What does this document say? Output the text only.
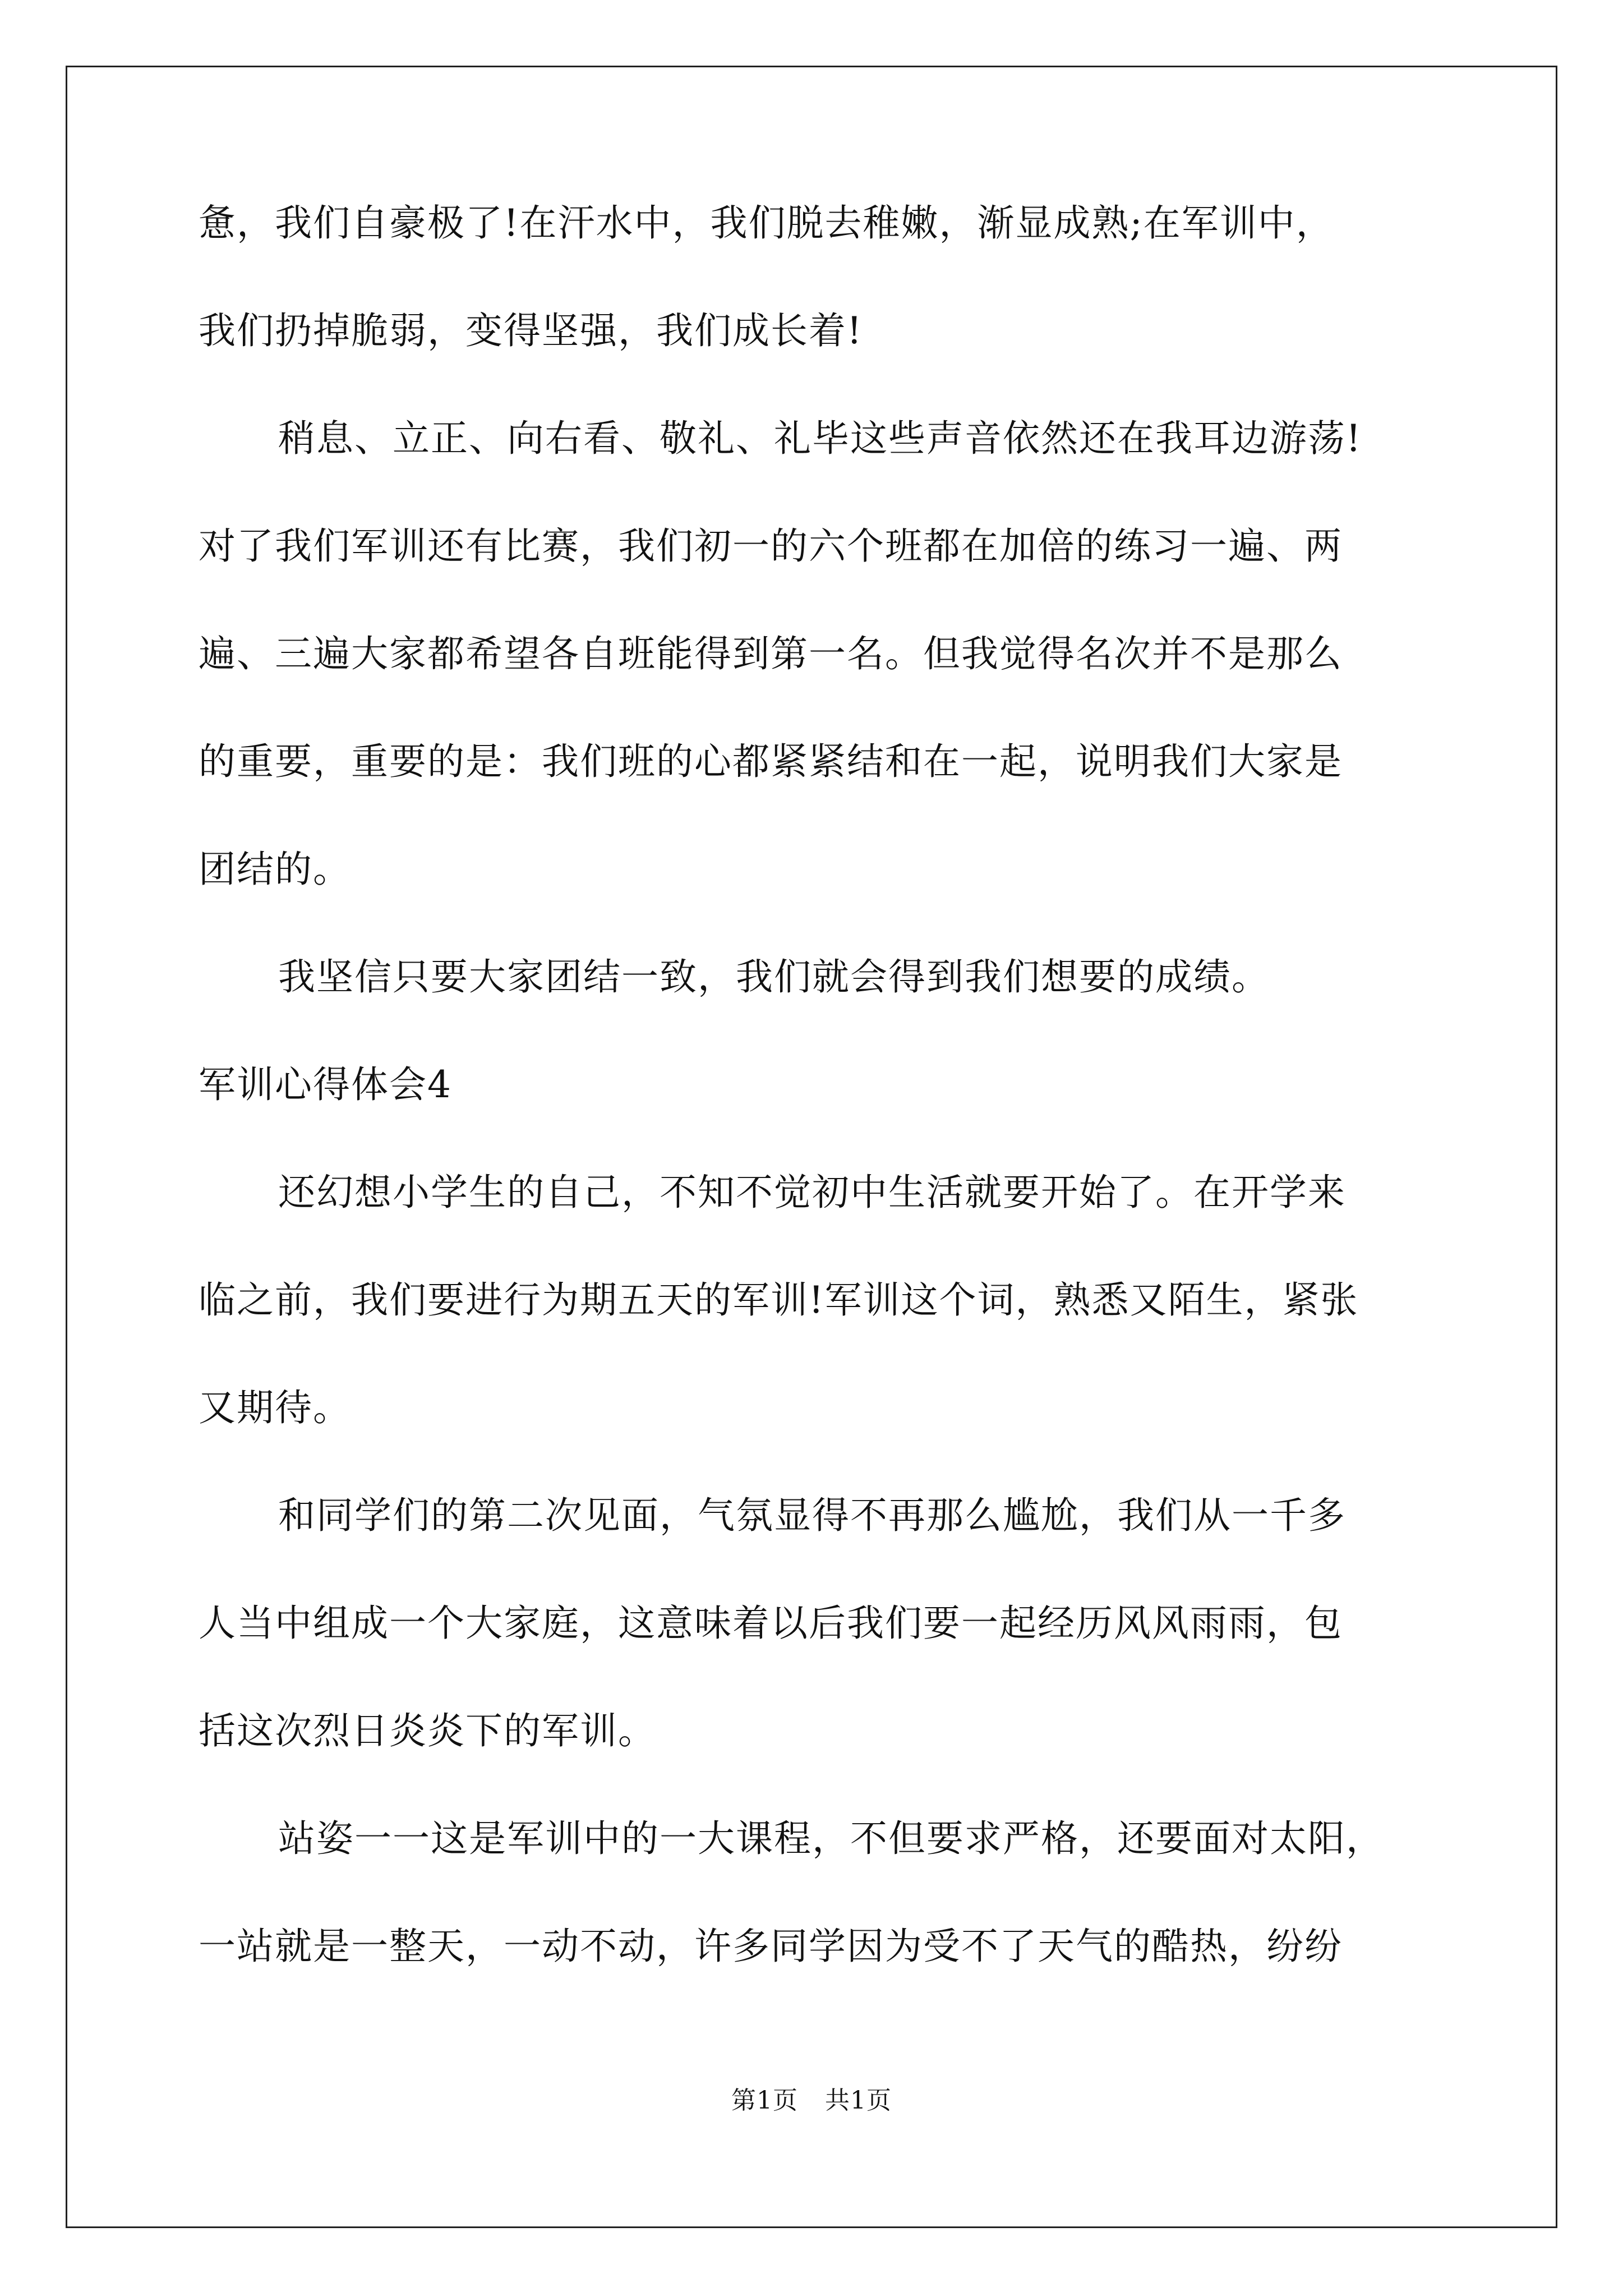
惫，我们自豪极了!在汗水中，我们脱去稚嫩，渐显成熟;在军训中，
我们扔掉脆弱，变得坚强，我们成长着!
稍息、立正、向右看、敬礼、礼毕这些声音依然还在我耳边游荡!
对了我们军训还有比赛，我们初一的六个班都在加倍的练习一遍、两
遍、三遍大家都希望各自班能得到第一名。但我觉得名次并不是那么
的重要，重要的是：我们班的心都紧紧结和在一起，说明我们大家是
团结的。
我坚信只要大家团结一致，我们就会得到我们想要的成绩。
军训心得体会4
还幻想小学生的自己，不知不觉初中生活就要开始了。在开学来
临之前，我们要进行为期五天的军训!军训这个词，熟悉又陌生，紧张
又期待。
和同学们的第二次见面，气氛显得不再那么尴尬，我们从一千多
人当中组成一个大家庭，这意味着以后我们要一起经历风风雨雨，包
括这次烈日炎炎下的军训。
站姿一一这是军训中的一大课程，不但要求严格，还要面对太阳，
一站就是一整天，一动不动，许多同学因为受不了天气的酷热，纷纷
第1页 共1页
